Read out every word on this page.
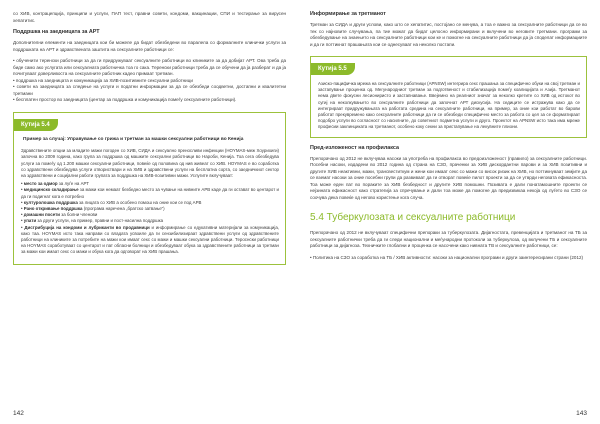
со ХИВ, контрацепција, принципи и услуги, ПАП тест, правни совети, кондоми, вакцинации, СПИ и тестирање за вирусен хепатитис.

Поддршка на заедницата за АРТ

Дополнителни елементи на заедницата кои би можеле да бидат обезбедени во паралела со формалните клинички услуги за поддршката на АРТ и здравствената заштита на сексуалните работници се:

• обученити теренски работници за да ги придружуваат сексуалните работници во клиниките за да добијат АРТ. Ова треба да биде само ако услугата или сексуалната работничка тоа го сака. Теренски работници треба да се обучени да ја разберат и да ја почитуваат доверливоста на сексуалните работник кадео примаат третман.
• поддршка на заедницата и комуникација за ХИВ-позитивните сексуални работници
• совети на заедницата за следење на услуги и податни информации за да се обезбеди соодветни, достапни и квалитетни третмани
• бесплатен простор во заедницата (центар за поддршка и комуникација помеѓу сексуалните работници).
Кутија 5.4
Пример за случај: Управување со грижа и третман за машки сексуални работници во Кенија

Здравствените опции за младите мажи погоден со ХИВ, СИДА и сексуално преносливи инфекции (HOYMAS-меж Хоурихиги) започна во 2009 година, како група за поддршка од машките сексуални работници во Нароби, Кенија. Тоа сега обезбедува услуги за помеѓу од 1.200 машки сексуални работници, повеќе од половина од нив живеат со ХИВ. HOYMAS е во соработка со здравствени обезбедува услуги отвориствари и на ХИВ и здравствени услуги на бесплатна сорта, со заедничкиот сектор на здравствени и социјални работи групата за поддршка на ХИВ-позитивни мажи. Услугите вклучуваат:

• место за одмор за луѓе на АРТ
• медицинско складирање за мажи кои немаат безбедно место за чување на нивните АРВ каде да ги остават во центарот и да ги подигнат кога е потребно
• културолошка поддршка за лицата со ХИВ а особено помош на оние кои се под АРВ
• Рано откривање поддршка (програма наречена „братско затвање“)
• домашни посети за болни членови
• упати за други услуги, на пример, правни и пост-насилна поддршка
• Дистрибуција на кондоми и лубриканти во продавници и информирање со едукативни материјали за комуникација, како таа. HOYMAS исто така направи со владата усвоиле да ги сензибилизираат здравствени услуги од здравствените работници на клиниките за потребите на мажи кои имаат секс со мажи и машки сексуални работници. Тероснски работници на HOYMAS соработуваат со центарот и пат обласни болници и обезбедуваат обука за здравствените работници за третман за мажи кои имаат секс со мажи и обука кога да одговорат на ХИВ прашања.
142
Информирање за третманот

Третман за СИДА и други услови, како што се хепатитис, постојано се менува, а тоа е важно за сексуалните работници да се во тек со најновите случувања, па тие можат да бидат целосно информирани и вклучени во неговите третмани. програми за обезбедување на знаењето на сексуалните работници кои ке и помогне на сексуалните работници да ја споделат информациите и да ги поттикнат прашањата кои се однесуваат на неколко постапи.

Кутија 5.5

Азиско-пацифичка мрежа на сексуалните работници (APNSW) интегрира секс прашања за специфично обуки на свој третман и застапување проценка од. Мегународниот третман за подготвеност и стабилизација помеѓу коалицијата и Азија. Третманот нема двете фокусни лесиониристо и застапнавање. Ввејемно на реалниот значат за неколко кретите со ХИВ од истокот во сугиј на неколкувањето во сексуалните работници да започнат АРТ дискусија. На седиците се истражува како да се интегрираат придружувањата на работата средина на сексуалните работници, на пример, за оние кои работат во барови работат прекувремено како сексуалните работници да ги се обезбеди специфично место за работа со цел за се форматираат подобро услуги во согласност со насилните, до советниот подметна услуги и друго. Проектот на APNSW исто така има мреже професии заклинциката на третманот, особено коку секни за пристапување на лекувните плиони.

Пред-изложеност на профилакса

Препорачано од 2012 не вклучуваа насоки за употреба на профилакса во предоизложеност (правило) за сексуалните работници. Посебни насоки, издадени во 2012 година од страна на СЗО, праченки за ХИВ дискордантни парови и за ХИВ позитивни и другите ХИВ неактивни, мажи, трансвеститкум и жени кои имаат секс со мажи со висок ризик на ХИВ, но поттикнуваат земјите да се вземат насоки за оние посебни групи да развиваат да ги отворат повеќе пилот проекти за да се утврди неговата ефикасноста. Тоа може еден пат во пораките за ХИВ безбедност и другите ХИВ помошни. Позивата е дали понатамошните проекти се нејзината ефикасност како стратегија за спречување и дали тоа може да помогне да предизвикаа некоја од луѓето во СЗО се соочува дека повеќе од негово користење кога случа.

5.4 Туберкулозата и сексуалните работници

Препорачано од 2012 не вклучуваат специфични препораки за туберкулозата. Дијагностата, превенцијата и третманот на ТБ за сексуалните работнички треба да ги следи национални и меѓународни протоколи за туберкулоза, од вклучени ТБ и сексуалните работници за дијагноза. Техничките глобални и проценка се насочени како нивната ТВ и сексуалните работници, се:

• Политика на СЗО за соработка на ТБ / ХИВ активности: насоки за национални програми и други заинтересирани страни (2012)

143
